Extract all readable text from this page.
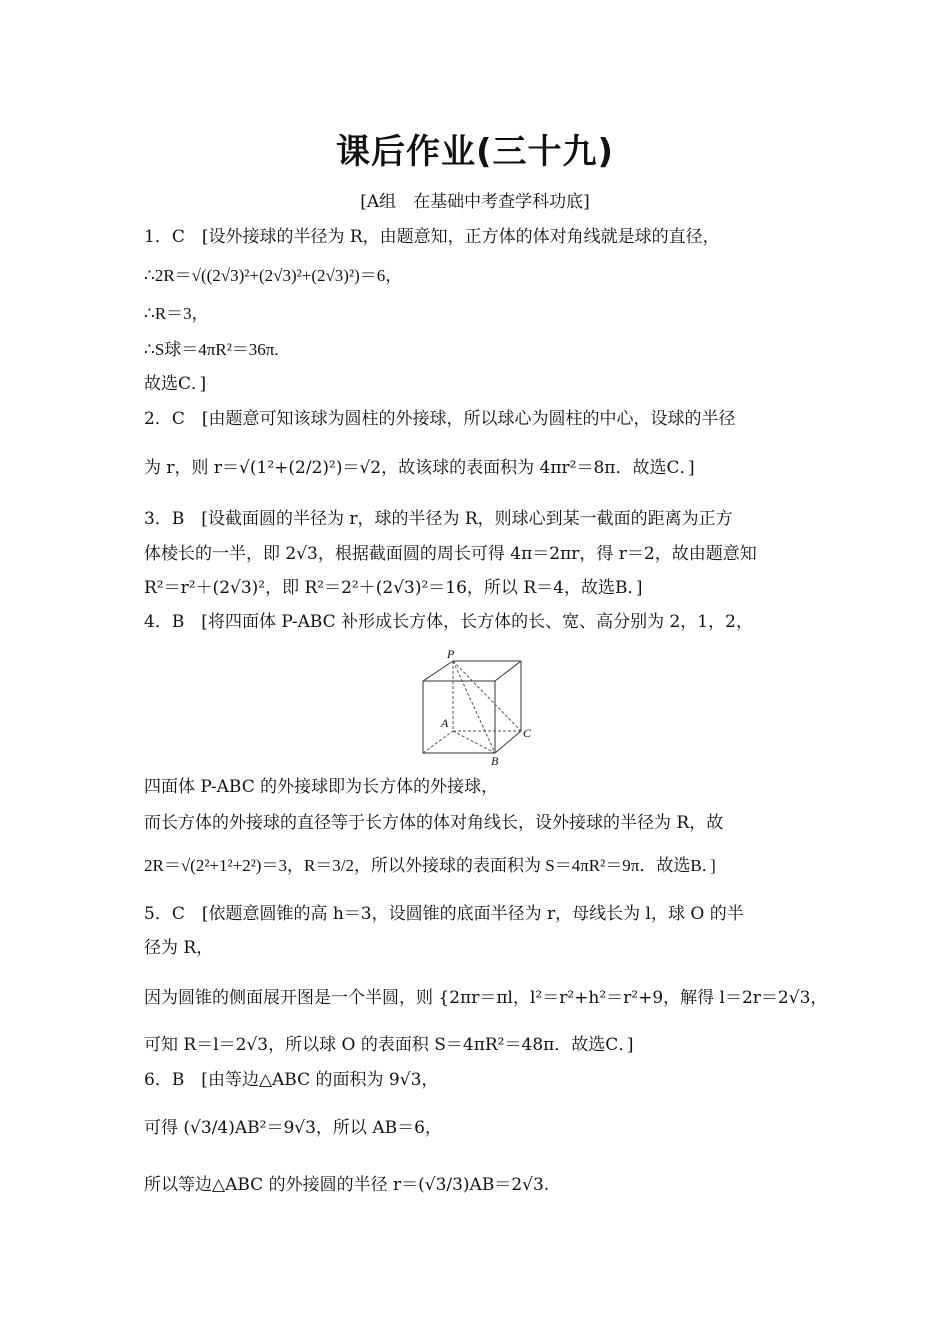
课后作业(三十九)
[A组　在基础中考查学科功底]
1．C　[设外接球的半径为 R，由题意知，正方体的体对角线就是球的直径，
∴2R＝√((2√3)²+(2√3)²+(2√3)²)＝6，
∴R＝3，
∴S球＝4πR²＝36π.
故选C．]
2．C　[由题意可知该球为圆柱的外接球，所以球心为圆柱的中心，设球的半径
为 r，则 r＝√(1²+(2/2)²)＝√2，故该球的表面积为 4πr²＝8π．故选C．]
3．B　[设截面圆的半径为 r，球的半径为 R，则球心到某一截面的距离为正方
体棱长的一半，即 2√3，根据截面圆的周长可得 4π＝2πr，得 r＝2，故由题意知
R²＝r²＋(2√3)²，即 R²＝2²＋(2√3)²＝16，所以 R＝4，故选B．]
4．B　[将四面体 P-ABC 补形成长方体，长方体的长、宽、高分别为 2，1，2，
P
A
B
C
四面体 P-ABC 的外接球即为长方体的外接球，
而长方体的外接球的直径等于长方体的体对角线长，设外接球的半径为 R，故
2R＝√(2²+1²+2²)＝3，R＝3/2，所以外接球的表面积为 S＝4πR²＝9π．故选B．]
5．C　[依题意圆锥的高 h＝3，设圆锥的底面半径为 r，母线长为 l，球 O 的半
径为 R，
因为圆锥的侧面展开图是一个半圆，则 {2πr＝πl，l²＝r²+h²＝r²+9，解得 l＝2r＝2√3，
可知 R＝l＝2√3，所以球 O 的表面积 S＝4πR²＝48π．故选C．]
6．B　[由等边△ABC 的面积为 9√3，
可得 (√3/4)AB²＝9√3，所以 AB＝6，
所以等边△ABC 的外接圆的半径 r＝(√3/3)AB＝2√3.
